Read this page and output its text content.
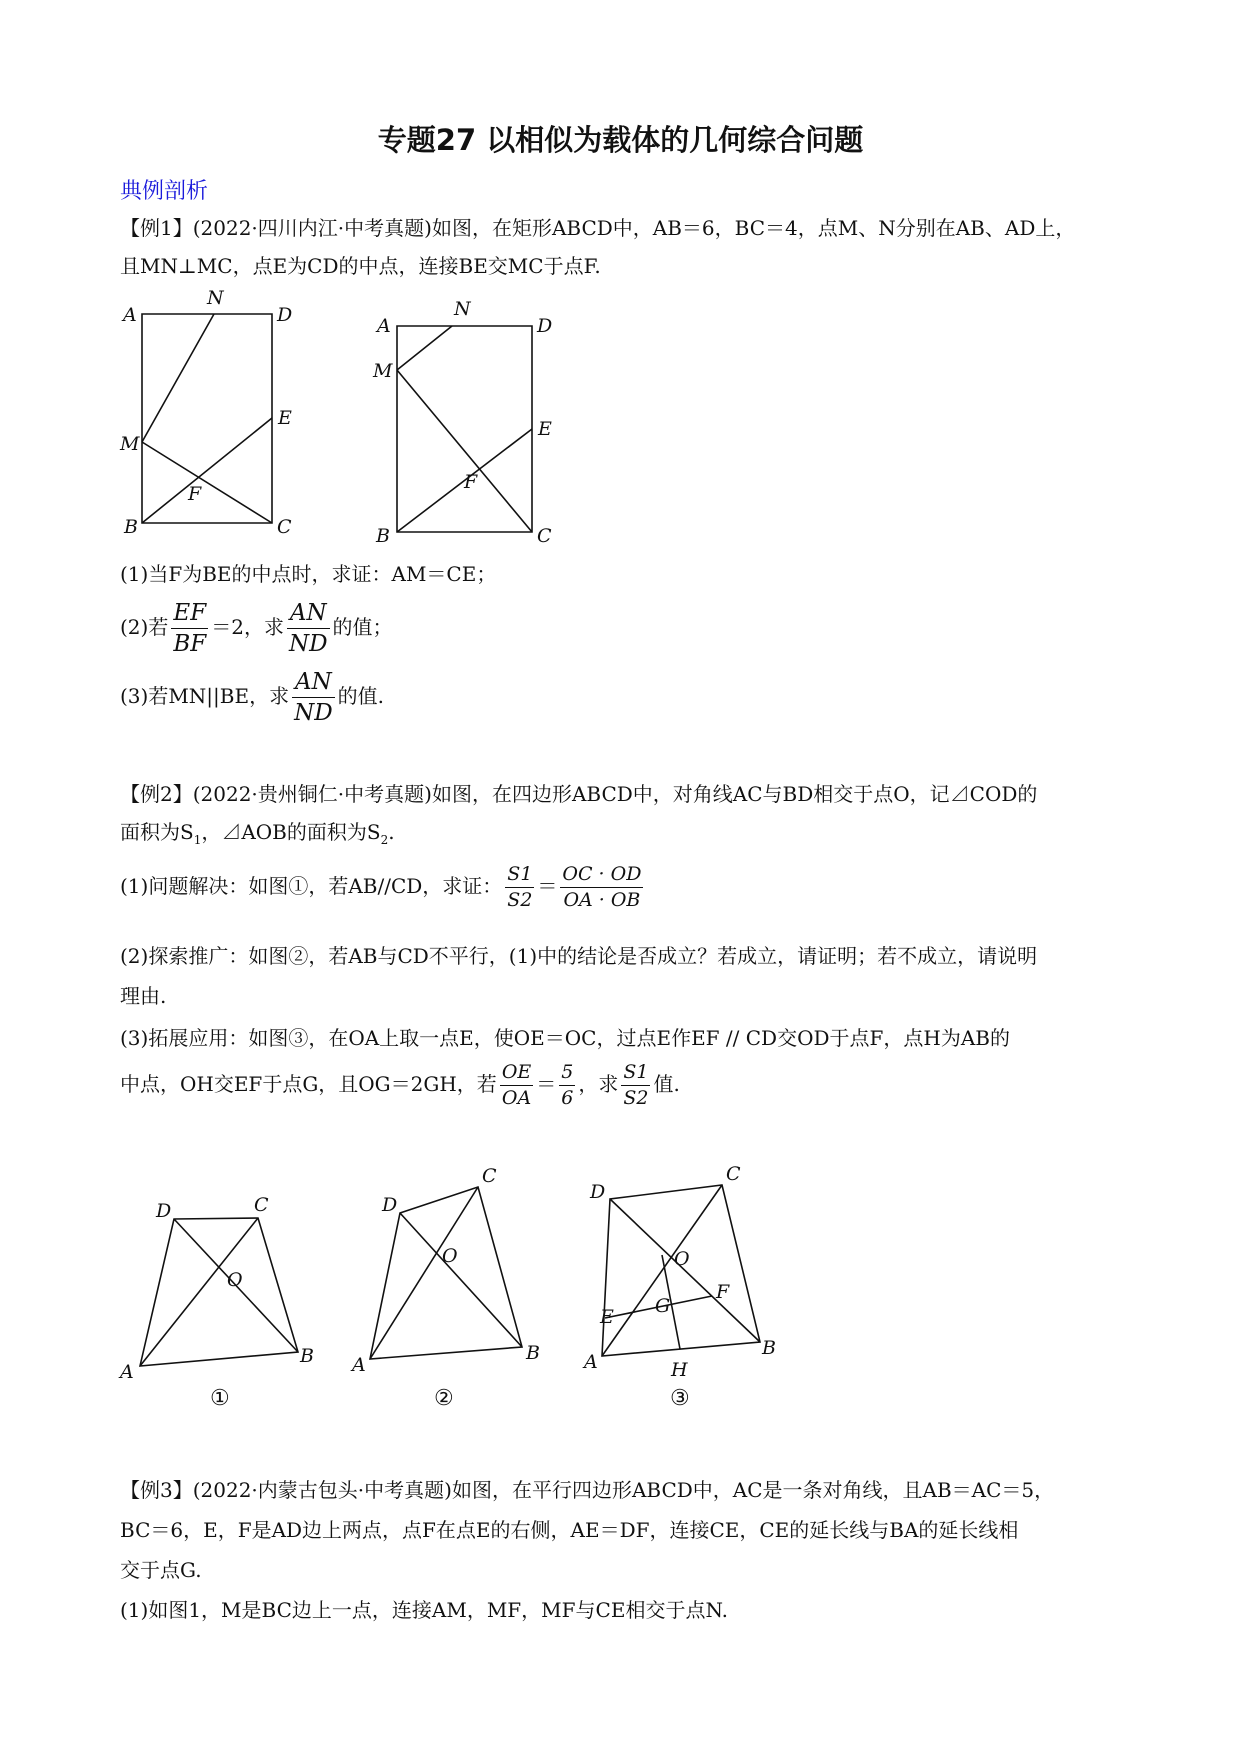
专题27 以相似为载体的几何综合问题
典例剖析
【例1】(2022·四川内江·中考真题)如图，在矩形ABCD中，AB＝6，BC＝4，点M、N分别在AB、AD上，
且MN⊥MC，点E为CD的中点，连接BE交MC于点F.
A
N
D
M
E
F
B	C
A
N
D
M
E
F
B	C
(1)当F为BE的中点时，求证：AM＝CE；
(2)若 $\frac{EF}{BF} =2$，求 $\frac{AN}{ND}$ 的值；
(3)若MN||BE，求 $\frac{AN}{ND}$ 的值.
【例2】(2022·贵州铜仁·中考真题)如图，在四边形ABCD中，对角线AC与BD相交于点O，记⊿COD的
面积为$S_1$，⊿AOB的面积为$S_2$.
(1)问题解决：如图①，若AB//CD，求证： $\frac{S1}{S2} = \frac{OC \cdot OD}{OA \cdot OB}$
(2)探索推广：如图②，若AB与CD不平行，(1)中的结论是否成立？若成立，请证明；若不成立，请说明
理由.
(3)拓展应用：如图③，在OA上取一点E，使OE＝OC，过点E作EF // CD交OD于点F，点H为AB的
中点，OH交EF于点G，且OG＝2GH，若 $\frac{OE}{OA} = \frac{5}{6}$ ，求 $\frac{S1}{S2}$ 值.
A
D	C
O
B
①
A
D
C
O
B
②
A
D
C
O
E G
F
H
B
③
【例3】(2022·内蒙古包头·中考真题)如图，在平行四边形ABCD中，AC是一条对角线，且AB＝AC＝5，
BC＝6，E，F是AD边上两点，点F在点E的右侧，AE＝DF，连接CE，CE的延长线与BA的延长线相
交于点G.
(1)如图1，M是BC边上一点，连接AM，MF，MF与CE相交于点N.
